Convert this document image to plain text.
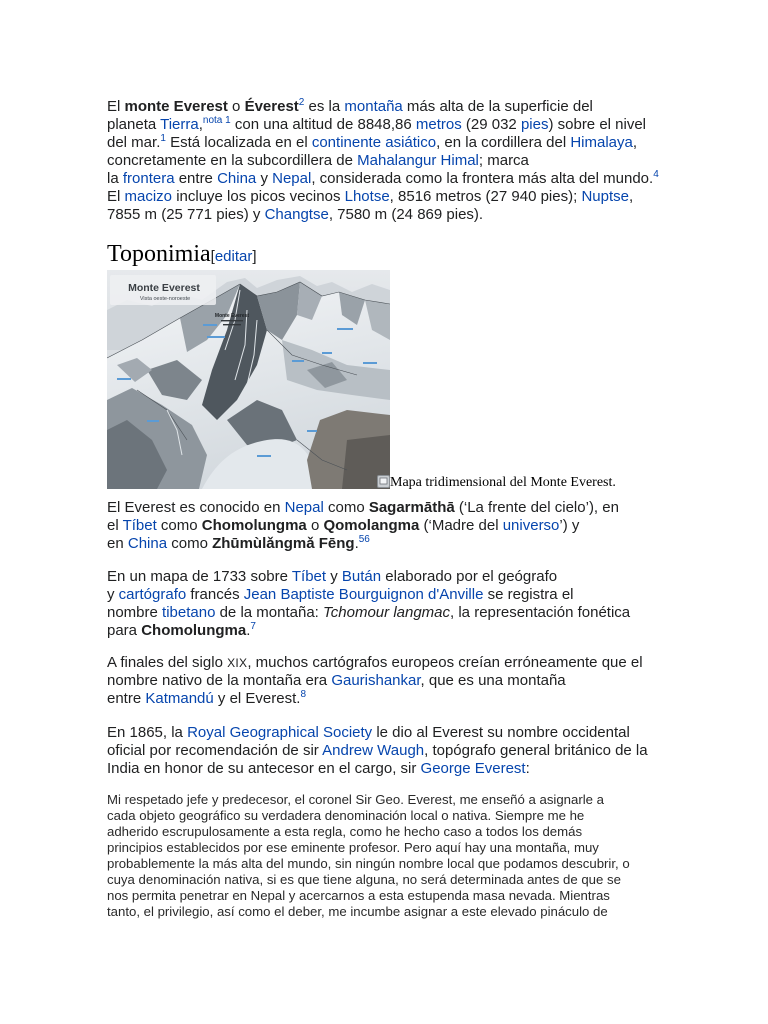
El monte Everest o Éverest$^2$ es la montaña más alta de la superficie del
planeta Tierra,$^{nota 1}$ con una altitud de 8848,86 metros (29 032 pies) sobre el nivel
del mar.$^1$ Está localizada en el continente asiático, en la cordillera del Himalaya,
concretamente en la subcordillera de Mahalangur Himal; marca
la frontera entre China y Nepal, considerada como la frontera más alta del mundo.$^4$
El macizo incluye los picos vecinos Lhotse, 8516 metros (27 940 pies); Nuptse,
7855 m (25 771 pies) y Changtse, 7580 m (24 869 pies).
Toponimia[editar]
Monte Everest
Vista oeste-noroeste
Monte Everest
Mapa tridimensional del Monte Everest.
El Everest es conocido en Nepal como Sagarmāthā (‘La frente del cielo’), en
el Tíbet como Chomolungma o Qomolangma (‘Madre del universo’) y
en China como Zhūmùlǎngmǎ Fēng.$^{56}$
En un mapa de 1733 sobre Tíbet y Bután elaborado por el geógrafo
y cartógrafo francés Jean Baptiste Bourguignon d'Anville se registra el
nombre tibetano de la montaña: Tchomour langmac, la representación fonética
para Chomolungma.$^7$
A finales del siglo XIX, muchos cartógrafos europeos creían erróneamente que el
nombre nativo de la montaña era Gaurishankar, que es una montaña
entre Katmandú y el Everest.$^8$
En 1865, la Royal Geographical Society le dio al Everest su nombre occidental
oficial por recomendación de sir Andrew Waugh, topógrafo general británico de la
India en honor de su antecesor en el cargo, sir George Everest:
Mi respetado jefe y predecesor, el coronel Sir Geo. Everest, me enseñó a asignarle a
cada objeto geográfico su verdadera denominación local o nativa. Siempre me he
adherido escrupulosamente a esta regla, como he hecho caso a todos los demás
principios establecidos por ese eminente profesor. Pero aquí hay una montaña, muy
probablemente la más alta del mundo, sin ningún nombre local que podamos descubrir, o
cuya denominación nativa, si es que tiene alguna, no será determinada antes de que se
nos permita penetrar en Nepal y acercarnos a esta estupenda masa nevada. Mientras
tanto, el privilegio, así como el deber, me incumbe asignar a este elevado pináculo de
